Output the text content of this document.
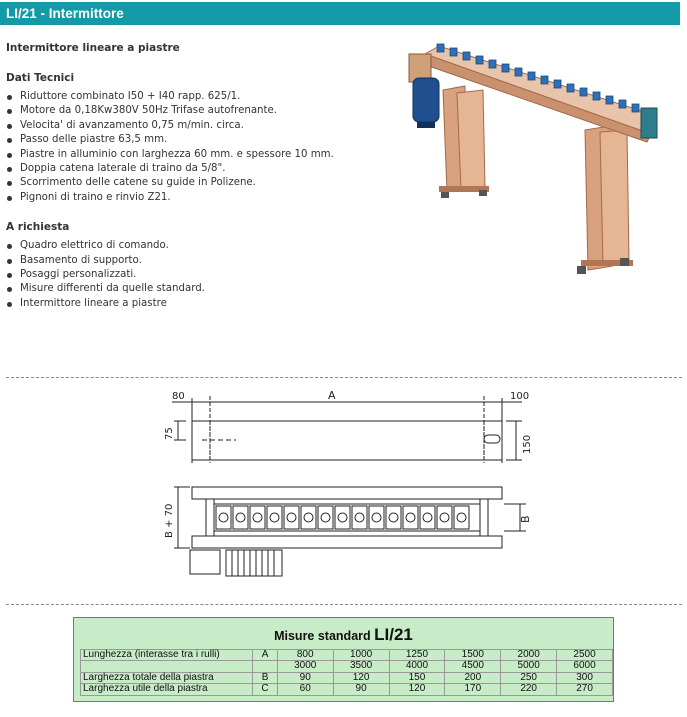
LI/21 - Intermittore
Intermittore lineare a piastre
Dati Tecnici
Riduttore combinato I50 + I40 rapp. 625/1.
Motore da 0,18Kw380V 50Hz Trifase autofrenante.
Velocita' di avanzamento 0,75 m/min. circa.
Passo delle piastre 63,5 mm.
Piastre in alluminio con larghezza 60 mm. e spessore 10 mm.
Doppia catena laterale di traino da 5/8".
Scorrimento delle catene su guide in Polizene.
Pignoni di traino e rinvio Z21.
A richiesta
Quadro elettrico di comando.
Basamento di supporto.
Posaggi personalizzati.
Misure differenti da quelle standard.
Intermittore lineare a piastre
80	A	100
75
150
B + 70	B
Misure standard LI/21
Lunghezza (interasse tra i rulli)	A	800	1000	1250	1500	2000	2500
		3000	3500	4000	4500	5000	6000
Larghezza totale della piastra	B	90	120	150	200	250	300
Larghezza utile della piastra	C	60	90	120	170	220	270
